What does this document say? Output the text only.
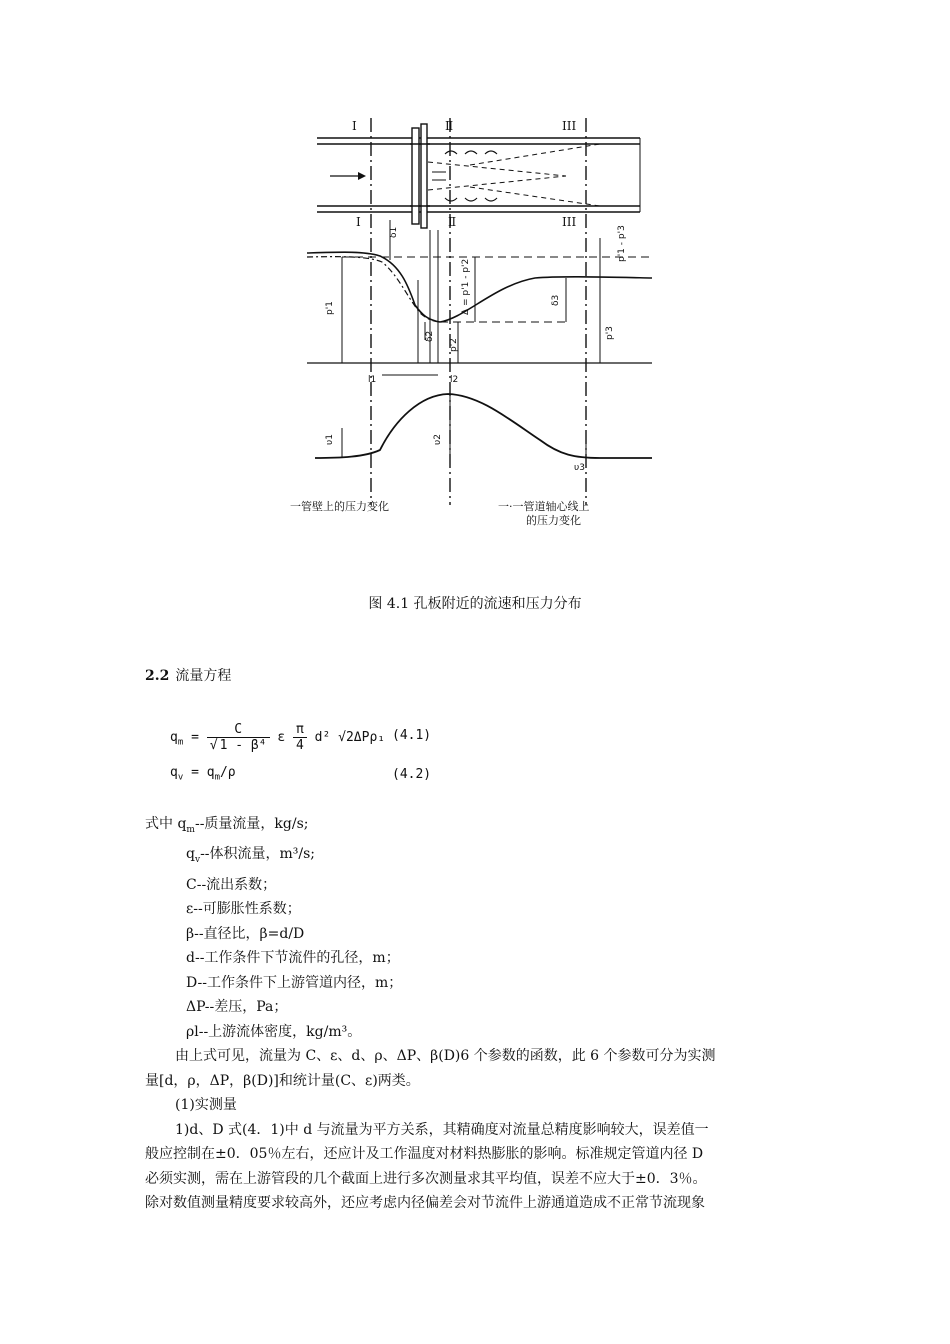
I	Ⅱ	III
I	Ⅱ	III
p'1
p'2
p'3
δ1
δ2
δ3
Δ = p'1 - p'2
p'1 - p'3
l1	l2
υ1	υ2
υ3
一管壁上的压力变化	一·一管道轴心线上
的压力变化
图 4.1 孔板附近的流速和压力分布
2.2 流量方程
$q_m = \frac{C}{\text{√ 1 - β⁴}}$ ε $\frac{\pi}{4} d^2$ √2ΔPρ₁ (4.1)
$q_v = q_m/\rho$	(4.2)
式中 $q_m--$质量流量，kg/s;
$q_v--$体积流量，m³/s;
C--流出系数；
ε--可膨胀性系数；
β--直径比，β=d/D
d--工作条件下节流件的孔径，m；
D--工作条件下上游管道内径，m；
ΔP--差压，Pa；
ρl--上游流体密度，kg/m³。
由上式可见，流量为 C、ε、d、ρ、ΔP、β(D)6 个参数的函数，此 6 个参数可分为实测
量[d，ρ，ΔP，β(D)]和统计量(C、ε)两类。
(1)实测量
1)d、D 式(4．1)中 d 与流量为平方关系，其精确度对流量总精度影响较大，误差值一
般应控制在±0．05％左右，还应计及工作温度对材料热膨胀的影响。标准规定管道内径 D
必须实测，需在上游管段的几个截面上进行多次测量求其平均值，误差不应大于±0．3％。
除对数值测量精度要求较高外，还应考虑内径偏差会对节流件上游通道造成不正常节流现象
